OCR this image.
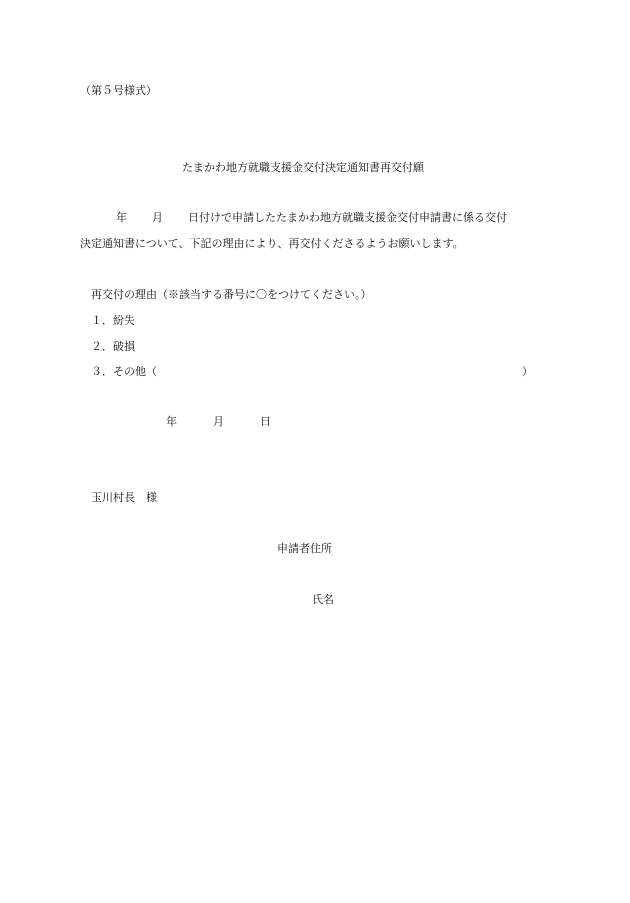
（第５号様式）
たまかわ地方就職支援金交付決定通知書再交付願
年 月 日付けで申請したたまかわ地方就職支援金交付申請書に係る交付
決定通知書について、下記の理由により、再交付くださるようお願いします。
再交付の理由（※該当する番号に〇をつけてください。）
１．紛失
２．破損
３．その他（	）
年	月	日
玉川村長　様
申請者住所
氏名
